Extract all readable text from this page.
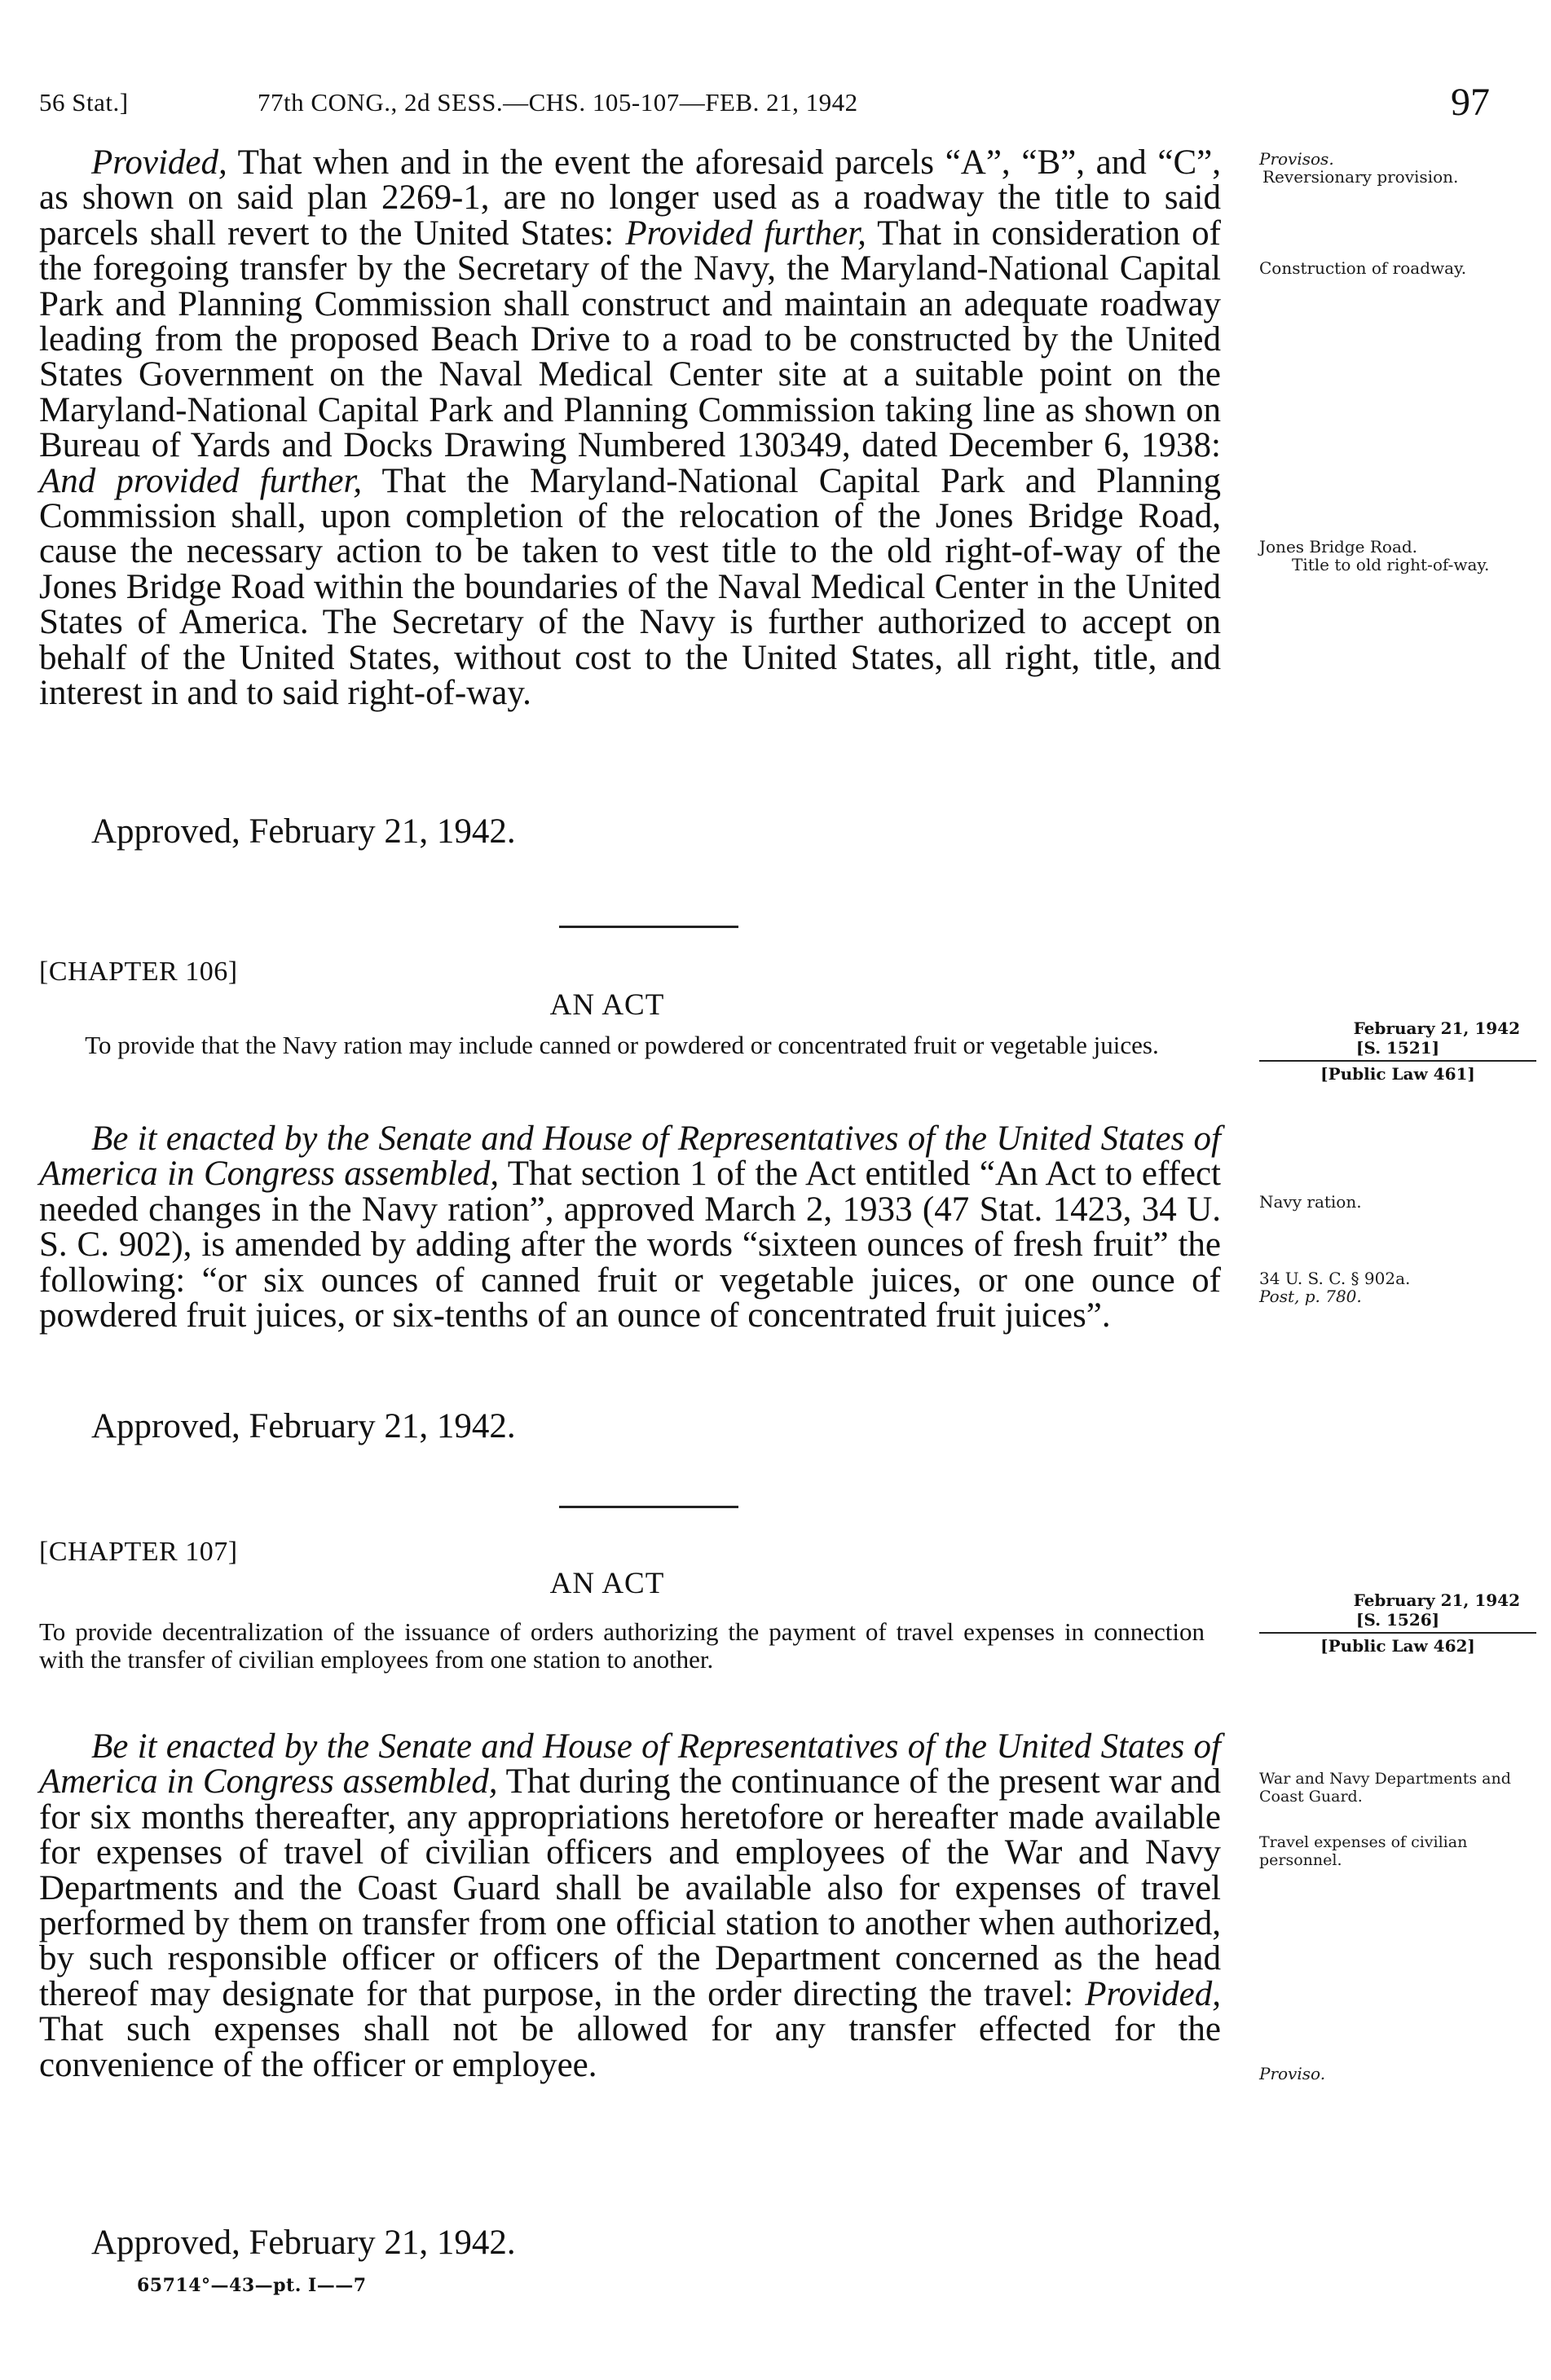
56 Stat.]	77th CONG., 2d SESS.—CHS. 105-107—FEB. 21, 1942	97

Provided, That when and in the event the aforesaid parcels “A”, “B”, and “C”, as shown on said plan 2269-1, are no longer used as a roadway the title to said parcels shall revert to the United States: Provided further, That in consideration of the foregoing transfer by the Secretary of the Navy, the Maryland-National Capital Park and Planning Commission shall construct and maintain an adequate roadway leading from the proposed Beach Drive to a road to be constructed by the United States Government on the Naval Medical Center site at a suitable point on the Maryland-National Capital Park and Planning Commission taking line as shown on Bureau of Yards and Docks Drawing Numbered 130349, dated December 6, 1938: And provided further, That the Maryland-National Capital Park and Planning Commission shall, upon completion of the relocation of the Jones Bridge Road, cause the necessary action to be taken to vest title to the old right-of-way of the Jones Bridge Road within the boundaries of the Naval Medical Center in the United States of America. The Secretary of the Navy is further authorized to accept on behalf of the United States, without cost to the United States, all right, title, and interest in and to said right-of-way.

Approved, February 21, 1942.
Provisos.
Reversionary provision.
Construction of roadway.
Jones Bridge Road.
Title to old right-of-way.
[CHAPTER 106]
AN ACT
To provide that the Navy ration may include canned or powdered or concentrated fruit or vegetable juices.
February 21, 1942
[S. 1521]
[Public Law 461]

Be it enacted by the Senate and House of Representatives of the United States of America in Congress assembled, That section 1 of the Act entitled “An Act to effect needed changes in the Navy ration”, approved March 2, 1933 (47 Stat. 1423, 34 U. S. C. 902), is amended by adding after the words “sixteen ounces of fresh fruit” the following: “or six ounces of canned fruit or vegetable juices, or one ounce of powdered fruit juices, or six-tenths of an ounce of concentrated fruit juices”.

Approved, February 21, 1942.
Navy ration.
34 U. S. C. § 902a.
Post, p. 780.
[CHAPTER 107]
AN ACT
To provide decentralization of the issuance of orders authorizing the payment of travel expenses in connection with the transfer of civilian employees from one station to another.
February 21, 1942
[S. 1526]
[Public Law 462]

Be it enacted by the Senate and House of Representatives of the United States of America in Congress assembled, That during the continuance of the present war and for six months thereafter, any appropriations heretofore or hereafter made available for expenses of travel of civilian officers and employees of the War and Navy Departments and the Coast Guard shall be available also for expenses of travel performed by them on transfer from one official station to another when authorized, by such responsible officer or officers of the Department concerned as the head thereof may designate for that purpose, in the order directing the travel: Provided, That such expenses shall not be allowed for any transfer effected for the convenience of the officer or employee.

Approved, February 21, 1942.
War and Navy Departments and Coast Guard.
Travel expenses of civilian personnel.
Proviso.
65714°—43—pt. I——7
